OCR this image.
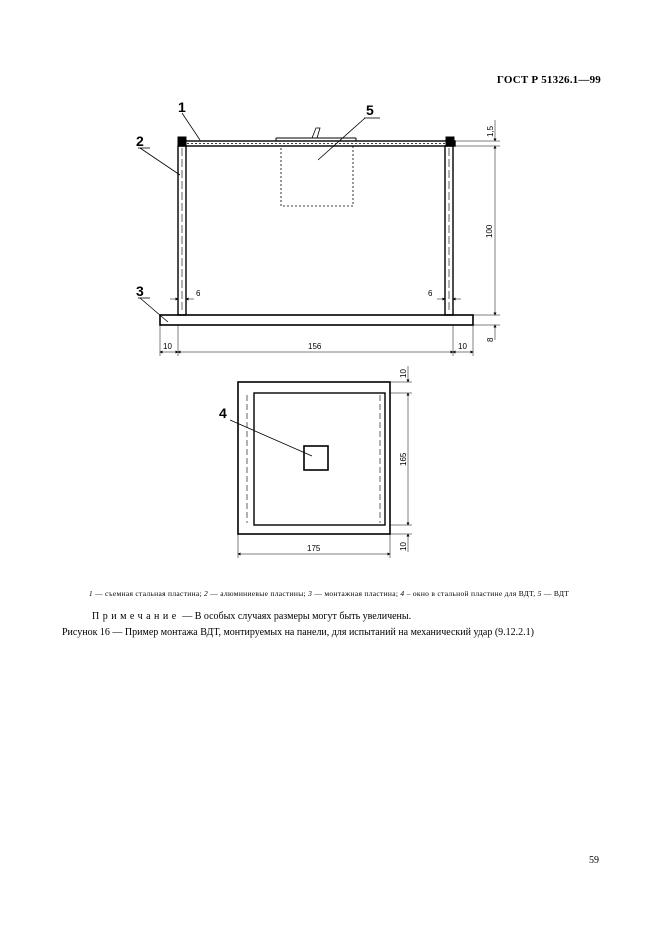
ГОСТ Р 51326.1—99
1
2
3
4
5
1,5
100
8
6	6
156
10	10
10
165
10
175
1 — съемная стальная пластина; 2 — алюминиевые пластины; 3 — монтажная пластина; 4 – окно в стальной пластине для ВДТ, 5 — ВДТ
Примечание — В особых случаях размеры могут быть увеличены.
Рисунок 16 — Пример монтажа ВДТ, монтируемых на панели, для испытаний на механический удар (9.12.2.1)
59
